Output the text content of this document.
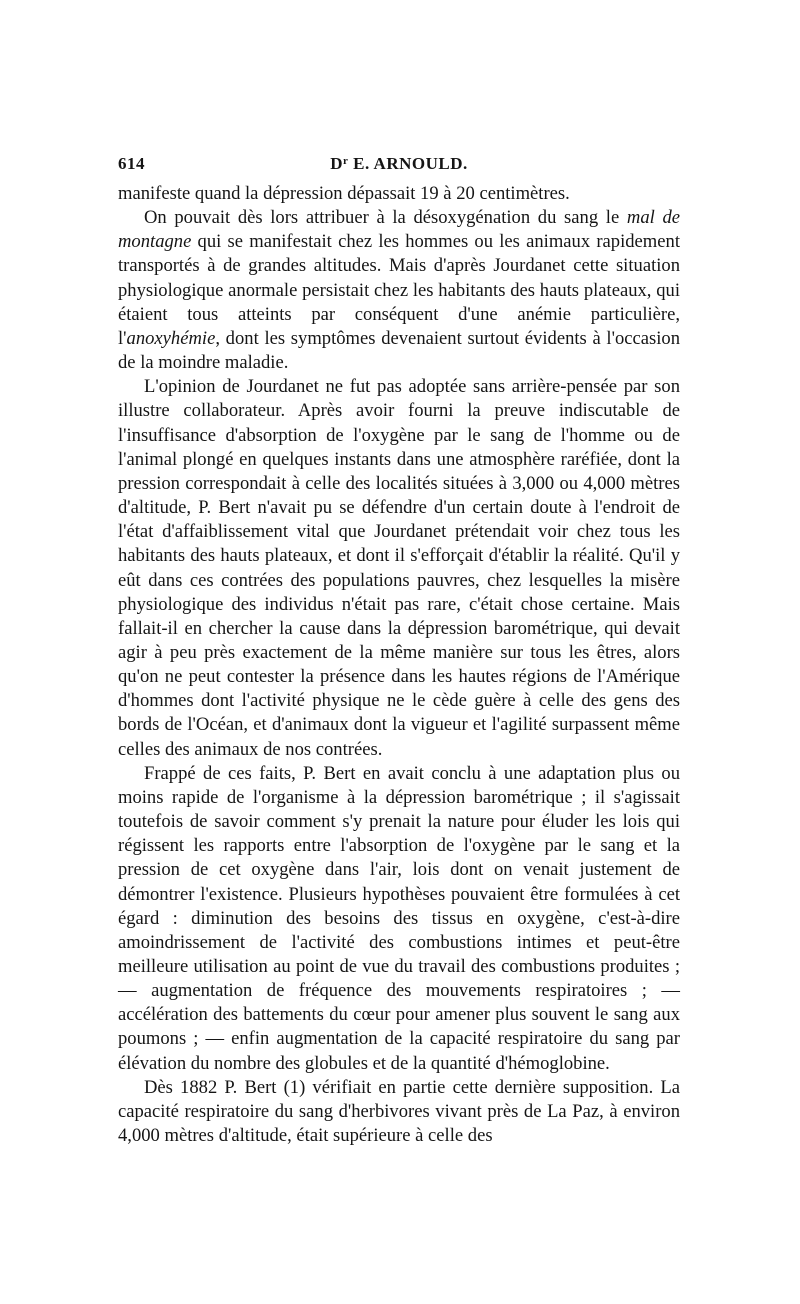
614	$D^r$ E. ARNOULD.

manifeste quand la dépression dépassait 19 à 20 centimètres.

On pouvait dès lors attribuer à la désoxygénation du sang le mal de montagne qui se manifestait chez les hommes ou les animaux rapidement transportés à de grandes altitudes. Mais d'après Jourdanet cette situation physiologique anormale persistait chez les habitants des hauts plateaux, qui étaient tous atteints par conséquent d'une anémie particulière, l'anoxyhémie, dont les symptômes devenaient surtout évidents à l'occasion de la moindre maladie.

L'opinion de Jourdanet ne fut pas adoptée sans arrière-pensée par son illustre collaborateur. Après avoir fourni la preuve indiscutable de l'insuffisance d'absorption de l'oxygène par le sang de l'homme ou de l'animal plongé en quelques instants dans une atmosphère raréfiée, dont la pression correspondait à celle des localités situées à 3,000 ou 4,000 mètres d'altitude, P. Bert n'avait pu se défendre d'un certain doute à l'endroit de l'état d'affaiblissement vital que Jourdanet prétendait voir chez tous les habitants des hauts plateaux, et dont il s'efforçait d'établir la réalité. Qu'il y eût dans ces contrées des populations pauvres, chez lesquelles la misère physiologique des individus n'était pas rare, c'était chose certaine. Mais fallait-il en chercher la cause dans la dépression barométrique, qui devait agir à peu près exactement de la même manière sur tous les êtres, alors qu'on ne peut contester la présence dans les hautes régions de l'Amérique d'hommes dont l'activité physique ne le cède guère à celle des gens des bords de l'Océan, et d'animaux dont la vigueur et l'agilité surpassent même celles des animaux de nos contrées.

Frappé de ces faits, P. Bert en avait conclu à une adaptation plus ou moins rapide de l'organisme à la dépression barométrique ; il s'agissait toutefois de savoir comment s'y prenait la nature pour éluder les lois qui régissent les rapports entre l'absorption de l'oxygène par le sang et la pression de cet oxygène dans l'air, lois dont on venait justement de démontrer l'existence. Plusieurs hypothèses pouvaient être formulées à cet égard : diminution des besoins des tissus en oxygène, c'est-à-dire amoindrissement de l'activité des combustions intimes et peut-être meilleure utilisation au point de vue du travail des combustions produites ; — augmentation de fréquence des mouvements respiratoires ; — accélération des battements du cœur pour amener plus souvent le sang aux poumons ; — enfin augmentation de la capacité respiratoire du sang par élévation du nombre des globules et de la quantité d'hémoglobine.

Dès 1882 P. Bert (1) vérifiait en partie cette dernière supposition. La capacité respiratoire du sang d'herbivores vivant près de La Paz, à environ 4,000 mètres d'altitude, était supérieure à celle des
